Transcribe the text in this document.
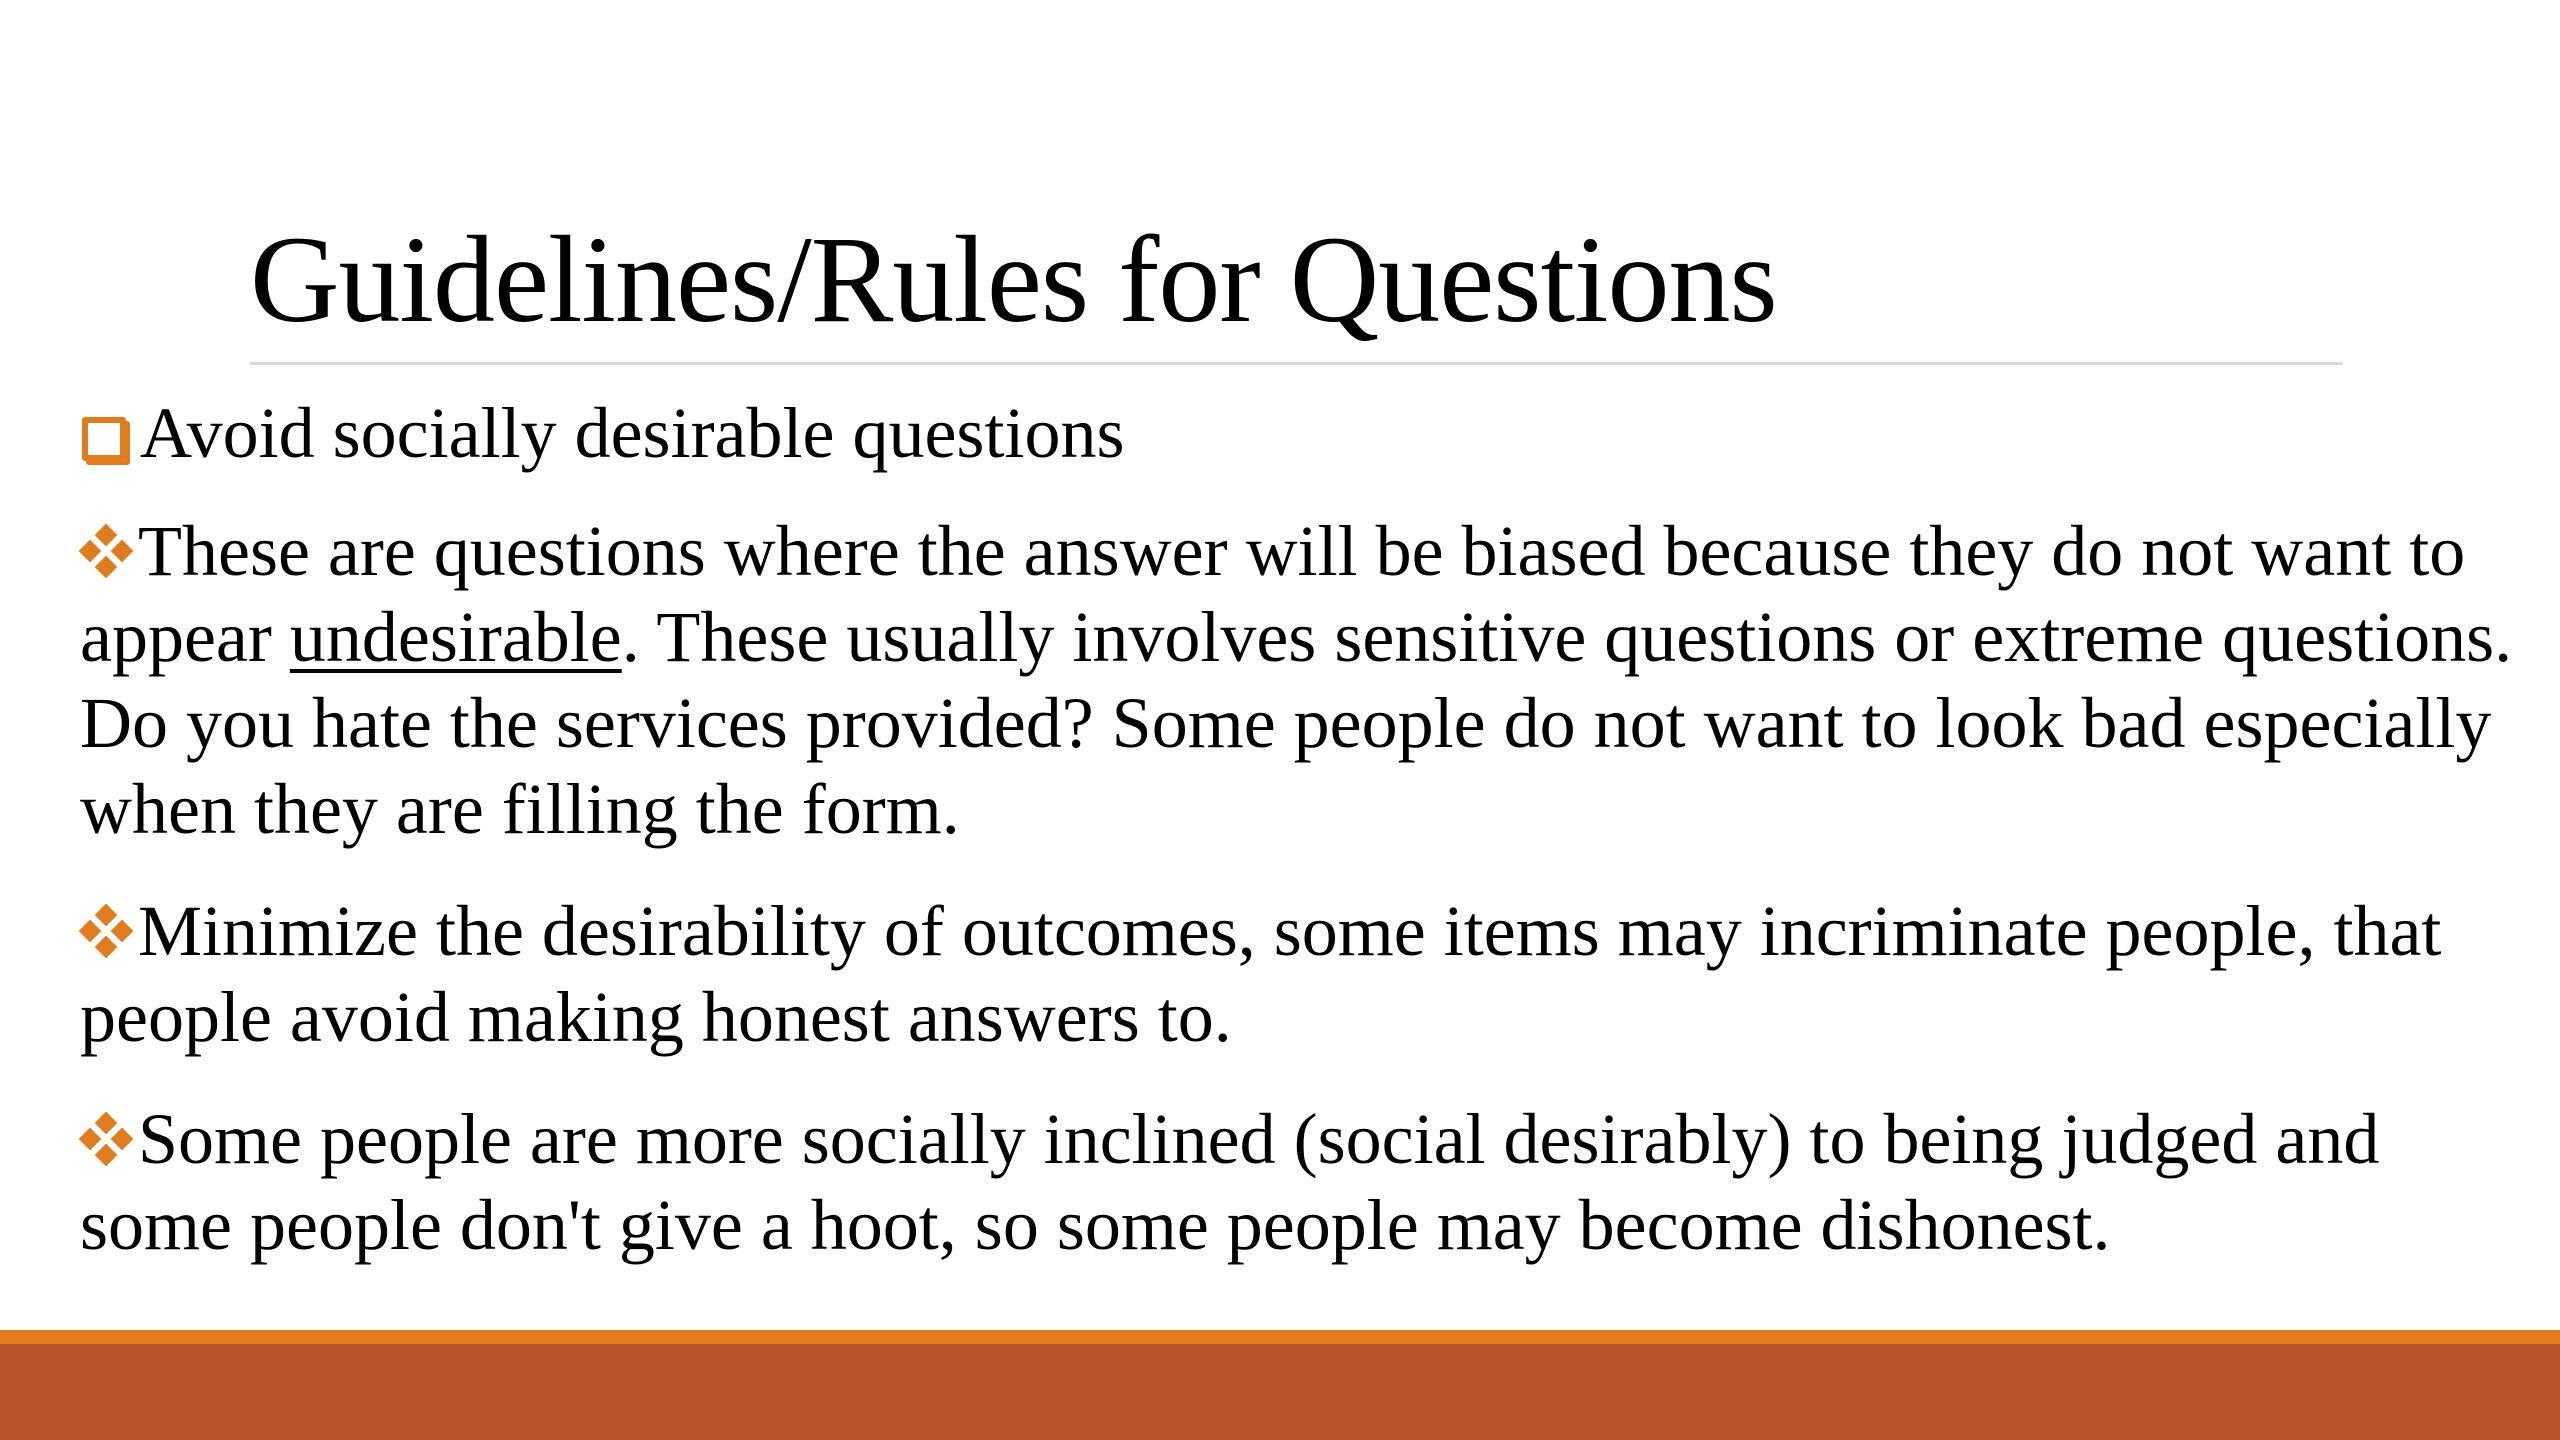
Guidelines/Rules for Questions

Avoid socially desirable questions

These are questions where the answer will be biased because they do not want to appear undesirable. These usually involves sensitive questions or extreme questions. Do you hate the services provided? Some people do not want to look bad especially when they are filling the form.

Minimize the desirability of outcomes, some items may incriminate people, that people avoid making honest answers to.

Some people are more socially inclined (social desirably) to being judged and some people don't give a hoot, so some people may become dishonest.
